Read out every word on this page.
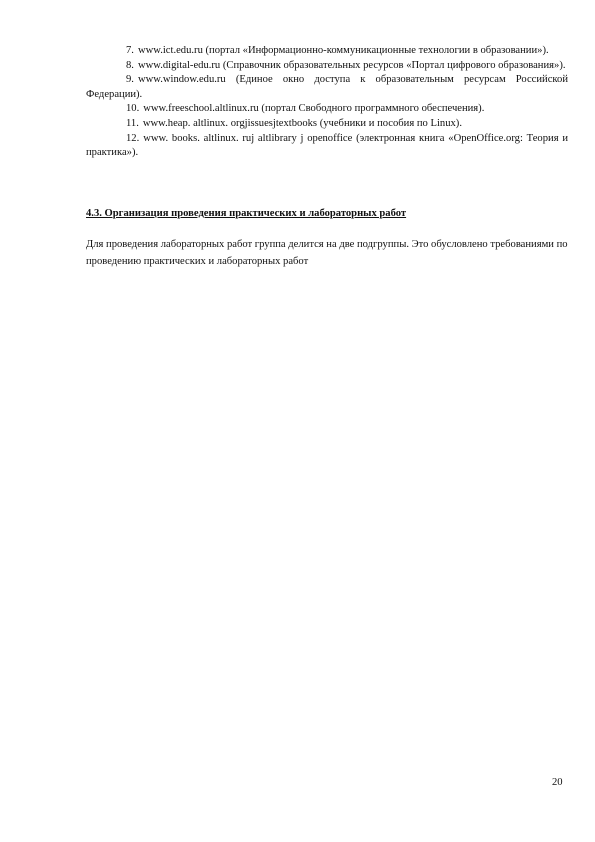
7. www.ict.edu.ru (портал «Информационно-коммуникационные технологии в образовании»).
8. www.digital-edu.ru (Справочник образовательных ресурсов «Портал цифрового образования»).
9. www.window.edu.ru (Единое окно доступа к образовательным ресурсам Российской Федерации).
10. www.freeschool.altlinux.ru (портал Свободного программного обеспечения).
11. www.heap. altlinux. orgjissuesjtextbooks (учебники и пособия по Linux).
12. www. books. altlinux. ruj altlibrary j openoffice (электронная книга «OpenOffice.org: Теория и практика»).

4.3. Организация проведения практических и лабораторных работ

Для проведения лабораторных работ группа делится на две подгруппы. Это обусловлено требованиями по проведению практических и лабораторных работ

20
